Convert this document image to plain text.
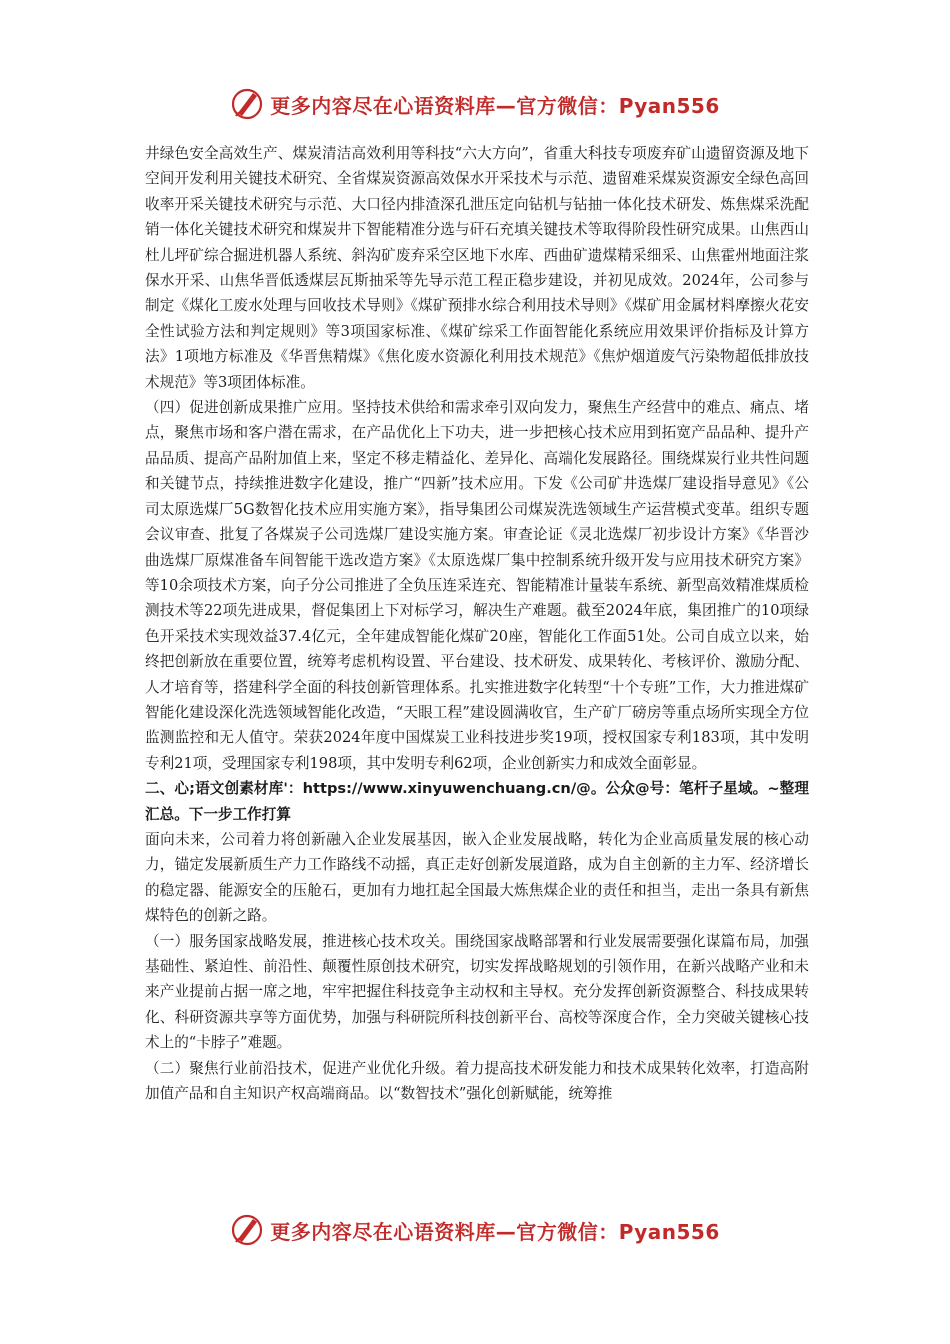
更多内容尽在心语资料库—官方微信：Pyan556

井绿色安全高效生产、煤炭清洁高效利用等科技“六大方向”，省重大科技专项废弃矿山遗留资源及地下空间开发利用关键技术研究、全省煤炭资源高效保水开采技术与示范、遗留难采煤炭资源安全绿色高回收率开采关键技术研究与示范、大口径内排渣深孔泄压定向钻机与钻抽一体化技术研发、炼焦煤采洗配销一体化关键技术研究和煤炭井下智能精准分选与矸石充填关键技术等取得阶段性研究成果。山焦西山杜儿坪矿综合掘进机器人系统、斜沟矿废弃采空区地下水库、西曲矿遗煤精采细采、山焦霍州地面注浆保水开采、山焦华晋低透煤层瓦斯抽采等先导示范工程正稳步建设，并初见成效。2024年，公司参与制定《煤化工废水处理与回收技术导则》《煤矿预排水综合利用技术导则》《煤矿用金属材料摩擦火花安全性试验方法和判定规则》等3项国家标准、《煤矿综采工作面智能化系统应用效果评价指标及计算方法》1项地方标准及《华晋焦精煤》《焦化废水资源化利用技术规范》《焦炉烟道废气污染物超低排放技术规范》等3项团体标准。

（四）促进创新成果推广应用。坚持技术供给和需求牵引双向发力，聚焦生产经营中的难点、痛点、堵点，聚焦市场和客户潜在需求，在产品优化上下功夫，进一步把核心技术应用到拓宽产品品种、提升产品品质、提高产品附加值上来，坚定不移走精益化、差异化、高端化发展路径。围绕煤炭行业共性问题和关键节点，持续推进数字化建设，推广“四新”技术应用。下发《公司矿井选煤厂建设指导意见》《公司太原选煤厂5G数智化技术应用实施方案》，指导集团公司煤炭洗选领域生产运营模式变革。组织专题会议审查、批复了各煤炭子公司选煤厂建设实施方案。审查论证《灵北选煤厂初步设计方案》《华晋沙曲选煤厂原煤准备车间智能干选改造方案》《太原选煤厂集中控制系统升级开发与应用技术研究方案》等10余项技术方案，向子分公司推进了全负压连采连充、智能精准计量装车系统、新型高效精准煤质检测技术等22项先进成果，督促集团上下对标学习，解决生产难题。截至2024年底，集团推广的10项绿色开采技术实现效益37.4亿元，全年建成智能化煤矿20座，智能化工作面51处。公司自成立以来，始终把创新放在重要位置，统筹考虑机构设置、平台建设、技术研发、成果转化、考核评价、激励分配、人才培育等，搭建科学全面的科技创新管理体系。扎实推进数字化转型“十个专班”工作，大力推进煤矿智能化建设深化洗选领域智能化改造，“天眼工程”建设圆满收官，生产矿厂磅房等重点场所实现全方位监测监控和无人值守。荣获2024年度中国煤炭工业科技进步奖19项，授权国家专利183项，其中发明专利21项，受理国家专利198项，其中发明专利62项，企业创新实力和成效全面彰显。

二、心;语文创素材库'：https://www.xinyuwenchuang.cn/@。公众@号：笔杆子星域。~整理汇总。下一步工作打算

面向未来，公司着力将创新融入企业发展基因，嵌入企业发展战略，转化为企业高质量发展的核心动力，锚定发展新质生产力工作路线不动摇，真正走好创新发展道路，成为自主创新的主力军、经济增长的稳定器、能源安全的压舱石，更加有力地扛起全国最大炼焦煤企业的责任和担当，走出一条具有新焦煤特色的创新之路。

（一）服务国家战略发展，推进核心技术攻关。围绕国家战略部署和行业发展需要强化谋篇布局，加强基础性、紧迫性、前沿性、颠覆性原创技术研究，切实发挥战略规划的引领作用，在新兴战略产业和未来产业提前占据一席之地，牢牢把握住科技竞争主动权和主导权。充分发挥创新资源整合、科技成果转化、科研资源共享等方面优势，加强与科研院所科技创新平台、高校等深度合作，全力突破关键核心技术上的“卡脖子”难题。

（二）聚焦行业前沿技术，促进产业优化升级。着力提高技术研发能力和技术成果转化效率，打造高附加值产品和自主知识产权高端商品。以“数智技术”强化创新赋能，统筹推

更多内容尽在心语资料库—官方微信：Pyan556
